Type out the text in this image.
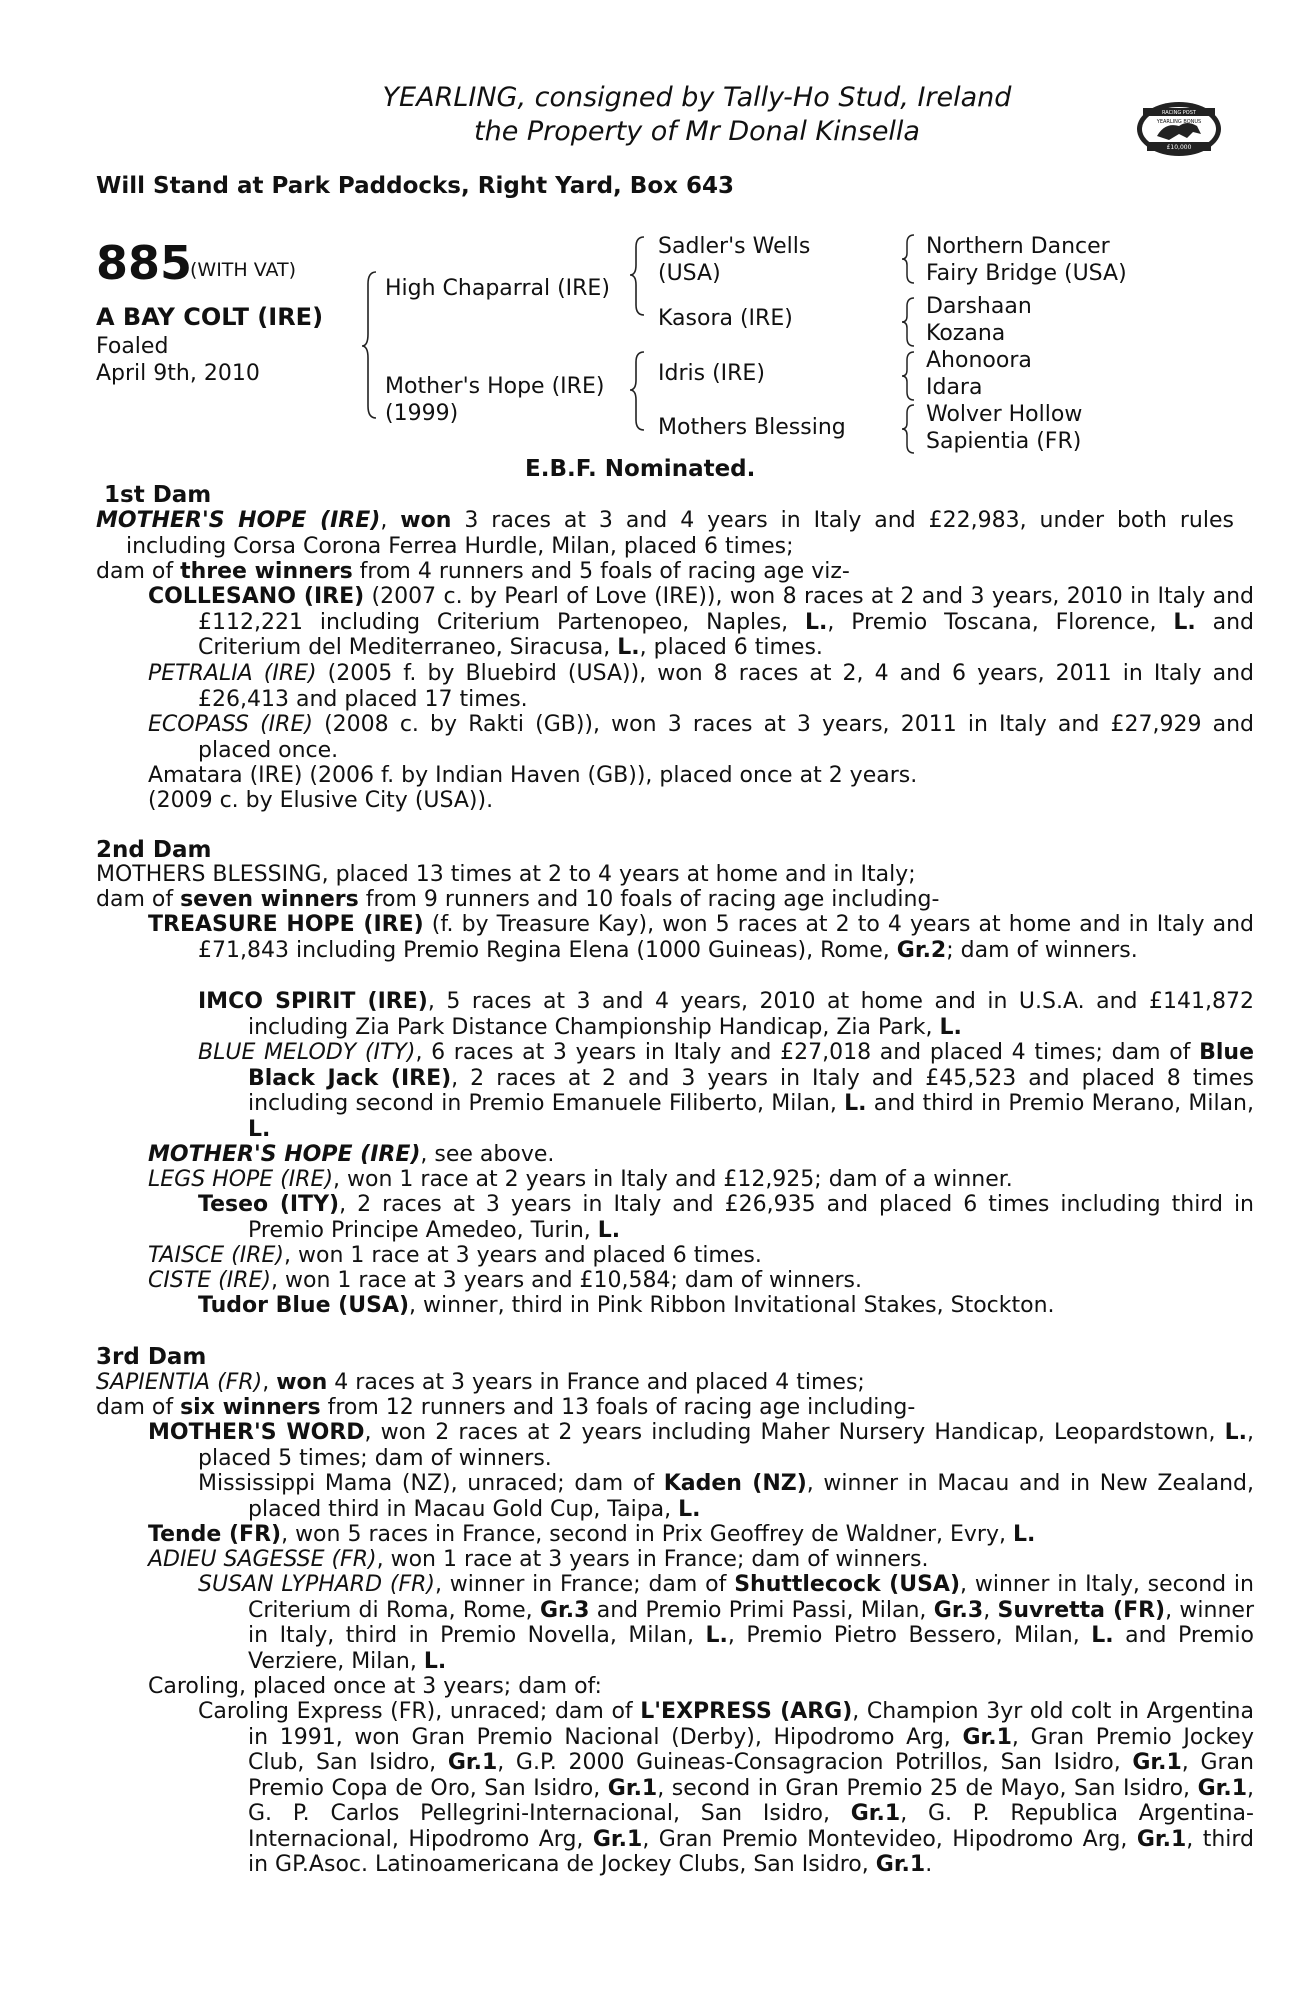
YEARLING, consigned by Tally-Ho Stud, Ireland
the Property of Mr Donal Kinsella
RACING POST
YEARLING BONUS
£10,000
Will Stand at Park Paddocks, Right Yard, Box 643
885
(WITH VAT)
A BAY COLT (IRE)
Foaled
April 9th, 2010
High Chaparral (IRE)
Mother's Hope (IRE)
(1999)
Sadler's Wells
(USA)
Kasora (IRE)
Idris (IRE)
Mothers Blessing
Northern Dancer
Fairy Bridge (USA)
Darshaan
Kozana
Ahonoora
Idara
Wolver Hollow
Sapientia (FR)
E.B.F. Nominated.
1st Dam

MOTHER'S HOPE (IRE), won 3 races at 3 and 4 years in Italy and £22,983, under both rules including Corsa Corona Ferrea Hurdle, Milan, placed 6 times;

dam of three winners from 4 runners and 5 foals of racing age viz-

COLLESANO (IRE) (2007 c. by Pearl of Love (IRE)), won 8 races at 2 and 3 years, 2010 in Italy and £112,221 including Criterium Partenopeo, Naples, L., Premio Toscana, Florence, L. and Criterium del Mediterraneo, Siracusa, L., placed 6 times.

PETRALIA (IRE) (2005 f. by Bluebird (USA)), won 8 races at 2, 4 and 6 years, 2011 in Italy and £26,413 and placed 17 times.

ECOPASS (IRE) (2008 c. by Rakti (GB)), won 3 races at 3 years, 2011 in Italy and £27,929 and placed once.

Amatara (IRE) (2006 f. by Indian Haven (GB)), placed once at 2 years.
(2009 c. by Elusive City (USA)).
2nd Dam
MOTHERS BLESSING, placed 13 times at 2 to 4 years at home and in Italy;

dam of seven winners from 9 runners and 10 foals of racing age including-

TREASURE HOPE (IRE) (f. by Treasure Kay), won 5 races at 2 to 4 years at home and in Italy and £71,843 including Premio Regina Elena (1000 Guineas), Rome, Gr.2; dam of winners.

IMCO SPIRIT (IRE), 5 races at 3 and 4 years, 2010 at home and in U.S.A. and £141,872 including Zia Park Distance Championship Handicap, Zia Park, L.

BLUE MELODY (ITY), 6 races at 3 years in Italy and £27,018 and placed 4 times; dam of Blue Black Jack (IRE), 2 races at 2 and 3 years in Italy and £45,523 and placed 8 times including second in Premio Emanuele Filiberto, Milan, L. and third in Premio Merano, Milan, L.

MOTHER'S HOPE (IRE), see above.

LEGS HOPE (IRE), won 1 race at 2 years in Italy and £12,925; dam of a winner.

Teseo (ITY), 2 races at 3 years in Italy and £26,935 and placed 6 times including third in Premio Principe Amedeo, Turin, L.

TAISCE (IRE), won 1 race at 3 years and placed 6 times.

CISTE (IRE), won 1 race at 3 years and £10,584; dam of winners.

Tudor Blue (USA), winner, third in Pink Ribbon Invitational Stakes, Stockton.

3rd Dam

SAPIENTIA (FR), won 4 races at 3 years in France and placed 4 times;

dam of six winners from 12 runners and 13 foals of racing age including-

MOTHER'S WORD, won 2 races at 2 years including Maher Nursery Handicap, Leopardstown, L., placed 5 times; dam of winners.

Mississippi Mama (NZ), unraced; dam of Kaden (NZ), winner in Macau and in New Zealand, placed third in Macau Gold Cup, Taipa, L.

Tende (FR), won 5 races in France, second in Prix Geoffrey de Waldner, Evry, L.

ADIEU SAGESSE (FR), won 1 race at 3 years in France; dam of winners.

SUSAN LYPHARD (FR), winner in France; dam of Shuttlecock (USA), winner in Italy, second in Criterium di Roma, Rome, Gr.3 and Premio Primi Passi, Milan, Gr.3, Suvretta (FR), winner in Italy, third in Premio Novella, Milan, L., Premio Pietro Bessero, Milan, L. and Premio Verziere, Milan, L.

Caroling, placed once at 3 years; dam of:

Caroling Express (FR), unraced; dam of L'EXPRESS (ARG), Champion 3yr old colt in Argentina in 1991, won Gran Premio Nacional (Derby), Hipodromo Arg, Gr.1, Gran Premio Jockey Club, San Isidro, Gr.1, G.P. 2000 Guineas-Consagracion Potrillos, San Isidro, Gr.1, Gran Premio Copa de Oro, San Isidro, Gr.1, second in Gran Premio 25 de Mayo, San Isidro, Gr.1, G. P. Carlos Pellegrini-Internacional, San Isidro, Gr.1, G. P. Republica Argentina-Internacional, Hipodromo Arg, Gr.1, Gran Premio Montevideo, Hipodromo Arg, Gr.1, third in GP.Asoc. Latinoamericana de Jockey Clubs, San Isidro, Gr.1.
